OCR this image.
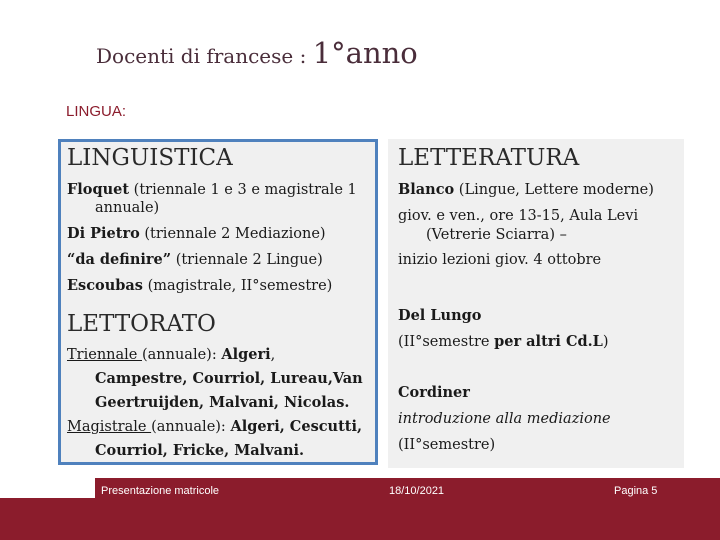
Docenti di francese : 1°anno
LINGUA:
LINGUISTICA
Floquet (triennale 1 e 3 e magistrale 1
annuale)
Di Pietro (triennale 2 Mediazione)
“da definire” (triennale 2 Lingue)
Escoubas (magistrale, II°semestre)
LETTORATO
Triennale (annuale): Algeri,
Campestre, Courriol, Lureau,Van
Geertruijden, Malvani, Nicolas.
Magistrale (annuale): Algeri, Cescutti,
Courriol, Fricke, Malvani.
LETTERATURA
Blanco (Lingue, Lettere moderne)
giov. e ven., ore 13-15, Aula Levi
(Vetrerie Sciarra) –
inizio lezioni giov. 4 ottobre
Del Lungo
(II°semestre per altri Cd.L)
Cordiner
introduzione alla mediazione
(II°semestre)
Presentazione matricole	18/10/2021	Pagina 5
